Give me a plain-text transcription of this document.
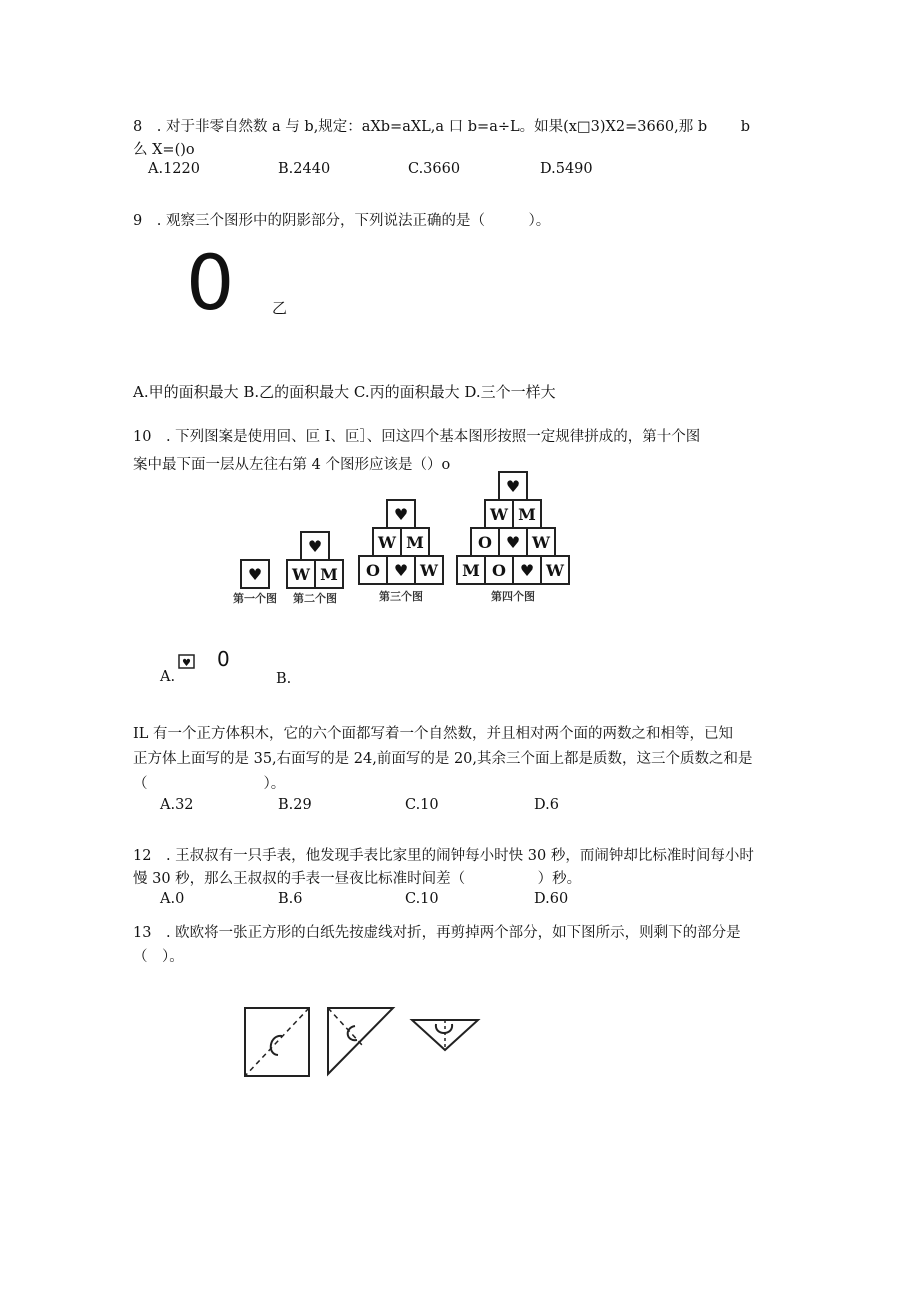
8　. 对于非零自然数 a 与 b,规定：aXb=aXL,a 口 b=a÷L。如果(x□3)X2=3660,那 b　　 b
么 X=()o
A.1220	B.2440	C.3660	D.5490
9　. 观察三个图形中的阴影部分，下列说法正确的是（　　　）。
0	乙
A.甲的面积最大 B.乙的面积最大 C.丙的面积最大 D.三个一样大
10　. 下列图案是使用回、叵 I、叵］、回这四个基本图形按照一定规律拼成的，第十个图
案中最下面一层从左往右第 4 个图形应该是（）o
♥
♥
W M
♥
W M
O ♥ W
♥
W M
O ♥ W
M O ♥ W
第一个图 第二个图	第三个图	第四个图
♥
A.
0
B.
IL 有一个正方体积木，它的六个面都写着一个自然数，并且相对两个面的两数之和相等，已知
正方体上面写的是 35,右面写的是 24,前面写的是 20,其余三个面上都是质数，这三个质数之和是
（　　　　　　　　）。
A.32	B.29	C.10	D.6
12　. 王叔叔有一只手表，他发现手表比家里的闹钟每小时快 30 秒，而闹钟却比标准时间每小时
慢 30 秒，那么王叔叔的手表一昼夜比标准时间差（　　　　　）秒。
A.0	B.6	C.10	D.60
13　. 欧欧将一张正方形的白纸先按虚线对折，再剪掉两个部分，如下图所示，则剩下的部分是
（　）。
